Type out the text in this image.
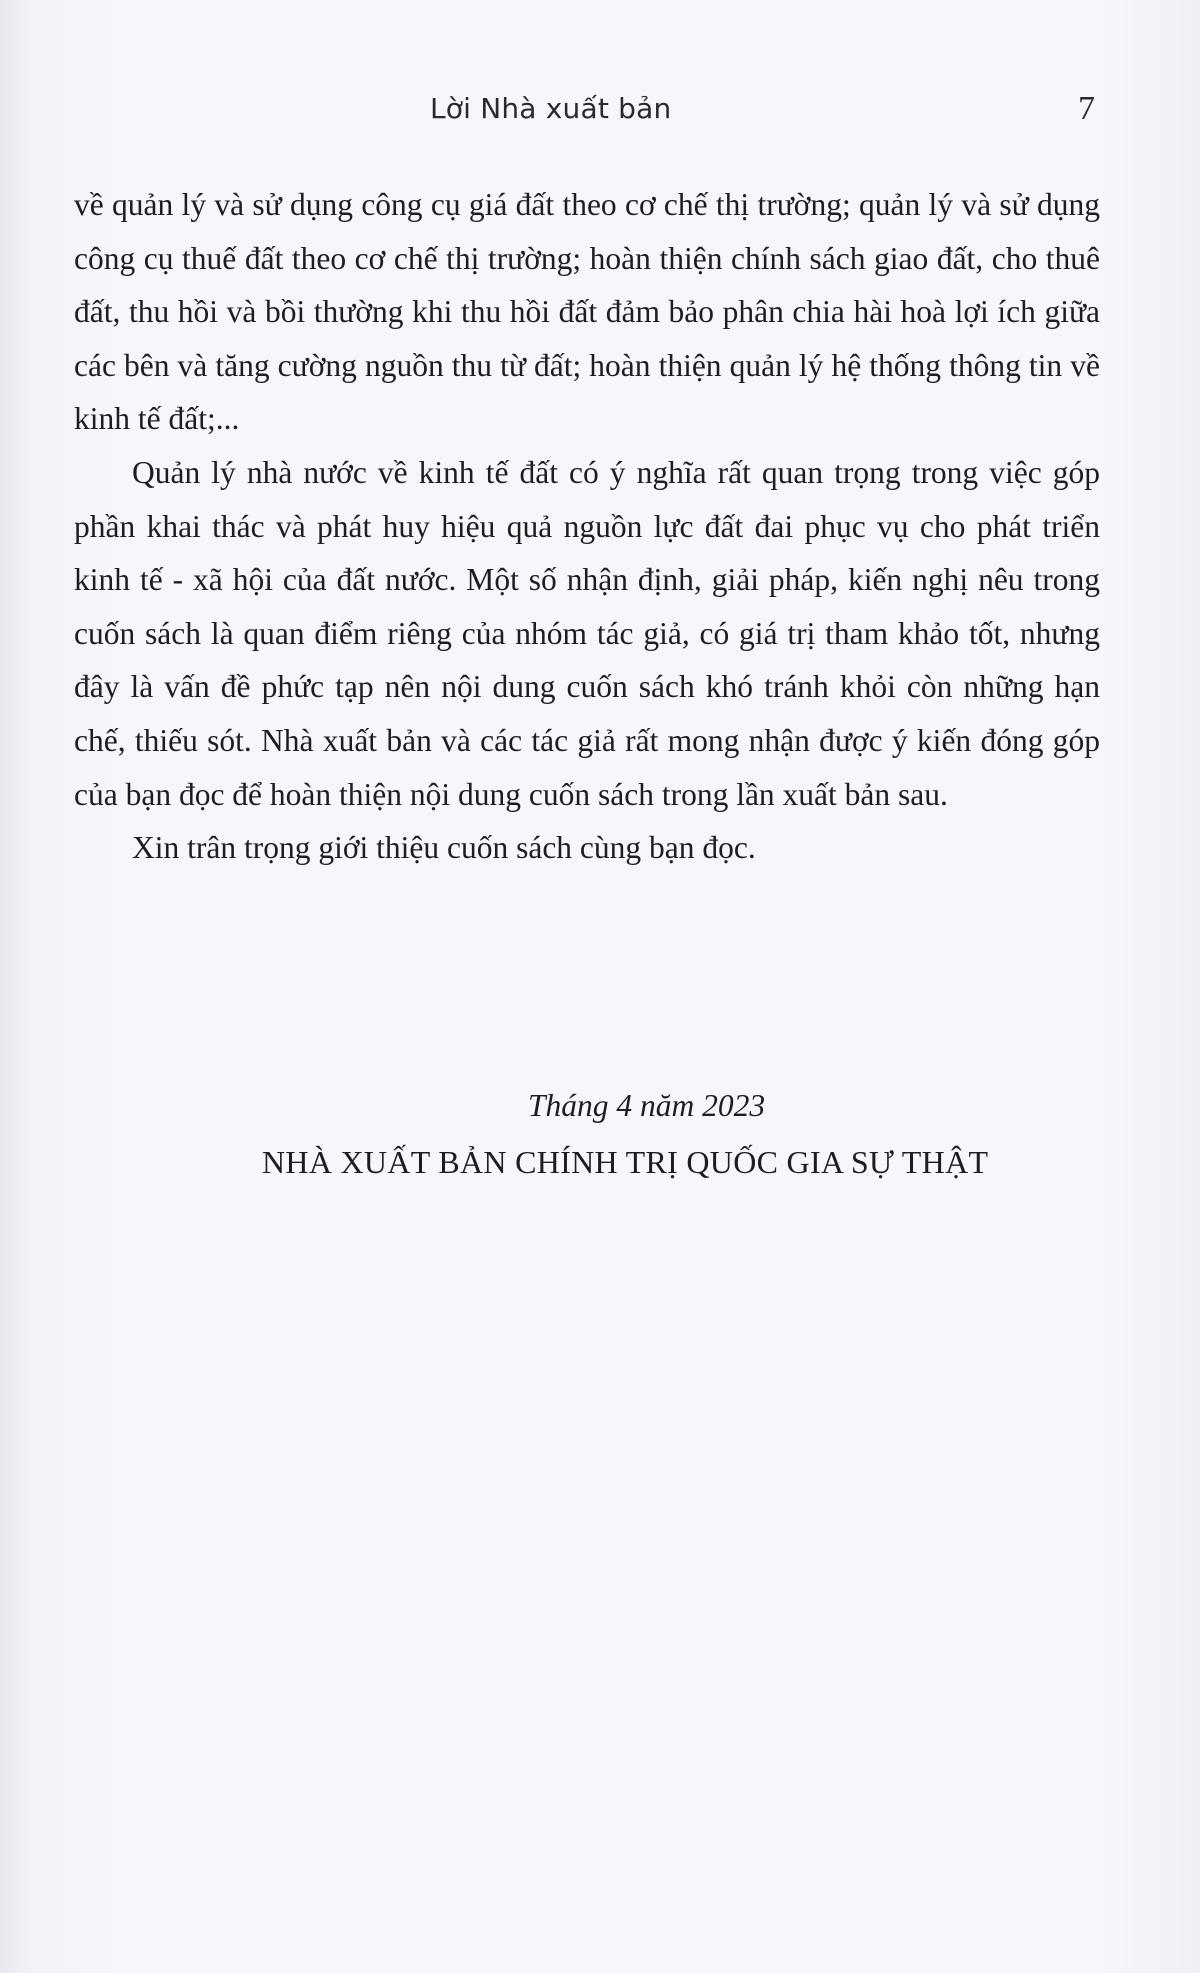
Lời Nhà xuất bản	7

về quản lý và sử dụng công cụ giá đất theo cơ chế thị trường; quản lý và sử dụng công cụ thuế đất theo cơ chế thị trường; hoàn thiện chính sách giao đất, cho thuê đất, thu hồi và bồi thường khi thu hồi đất đảm bảo phân chia hài hoà lợi ích giữa các bên và tăng cường nguồn thu từ đất; hoàn thiện quản lý hệ thống thông tin về kinh tế đất;...

Quản lý nhà nước về kinh tế đất có ý nghĩa rất quan trọng trong việc góp phần khai thác và phát huy hiệu quả nguồn lực đất đai phục vụ cho phát triển kinh tế - xã hội của đất nước. Một số nhận định, giải pháp, kiến nghị nêu trong cuốn sách là quan điểm riêng của nhóm tác giả, có giá trị tham khảo tốt, nhưng đây là vấn đề phức tạp nên nội dung cuốn sách khó tránh khỏi còn những hạn chế, thiếu sót. Nhà xuất bản và các tác giả rất mong nhận được ý kiến đóng góp của bạn đọc để hoàn thiện nội dung cuốn sách trong lần xuất bản sau.

Xin trân trọng giới thiệu cuốn sách cùng bạn đọc.

Tháng 4 năm 2023
NHÀ XUẤT BẢN CHÍNH TRỊ QUỐC GIA SỰ THẬT
